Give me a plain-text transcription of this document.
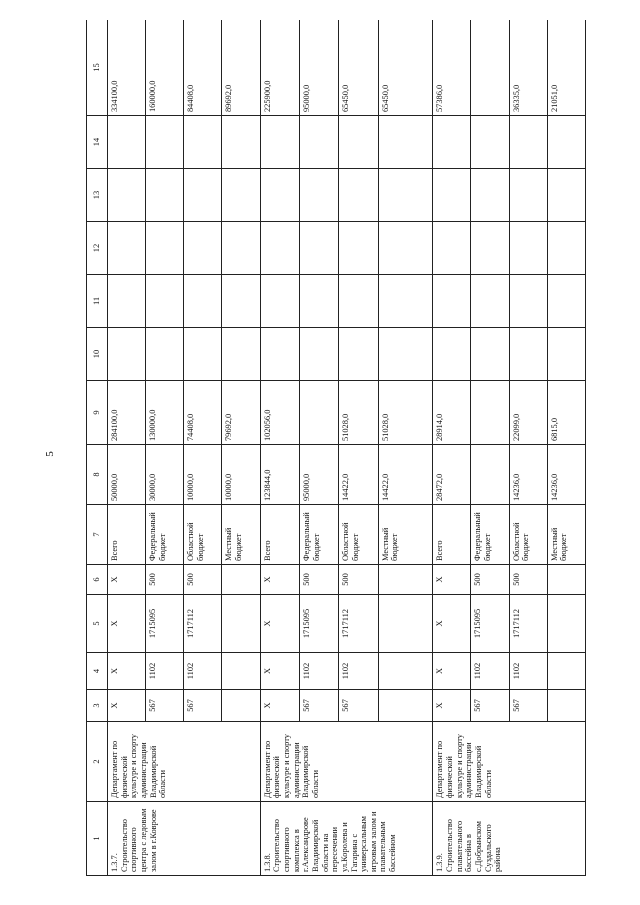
5
1	2	3	4	5	6	7	8	9	10	11	12	13	14	15
1.3.7. Строительство спортивного центра с ледовым залом в г.Коврове	Департамент по физической культуре и спорту администрации Владимирской области	X	X	X	X	Всего	50000,0	284100,0						334100,0
		567	1102	1715095	500	Федеральный бюджет	30000,0	130000,0						160000,0
		567	1102	1717112	500	Областной бюджет	10000,0	74408,0						84408,0
						Местный бюджет	10000,0	79692,0						89692,0
1.3.8. Строительство спортивного комплекса в г.Александрове Владимирской области на пересечении ул.Королева и Гагарина с универсальным игровым залом и плавательным бассейном	Департамент по физической культуре и спорту администрации Владимирской области	X	X	X	X	Всего	123844,0	102056,0						225900,0
		567	1102	1715095	500	Федеральный бюджет	95000,0							95000,0
		567	1102	1717112	500	Областной бюджет	14422,0	51028,0						65450,0
						Местный бюджет	14422,0	51028,0						65450,0
1.3.9. Строительство плавательного бассейна в с.Добрынском Суздальского района	Департамент по физической культуре и спорту администрации Владимирской области	X	X	X	X	Всего	28472,0	28914,0						57386,0
		567	1102	1715095	500	Федеральный бюджет								
		567	1102	1717112	500	Областной бюджет	14236,0	22099,0						36335,0
						Местный бюджет	14236,0	6815,0						21051,0
